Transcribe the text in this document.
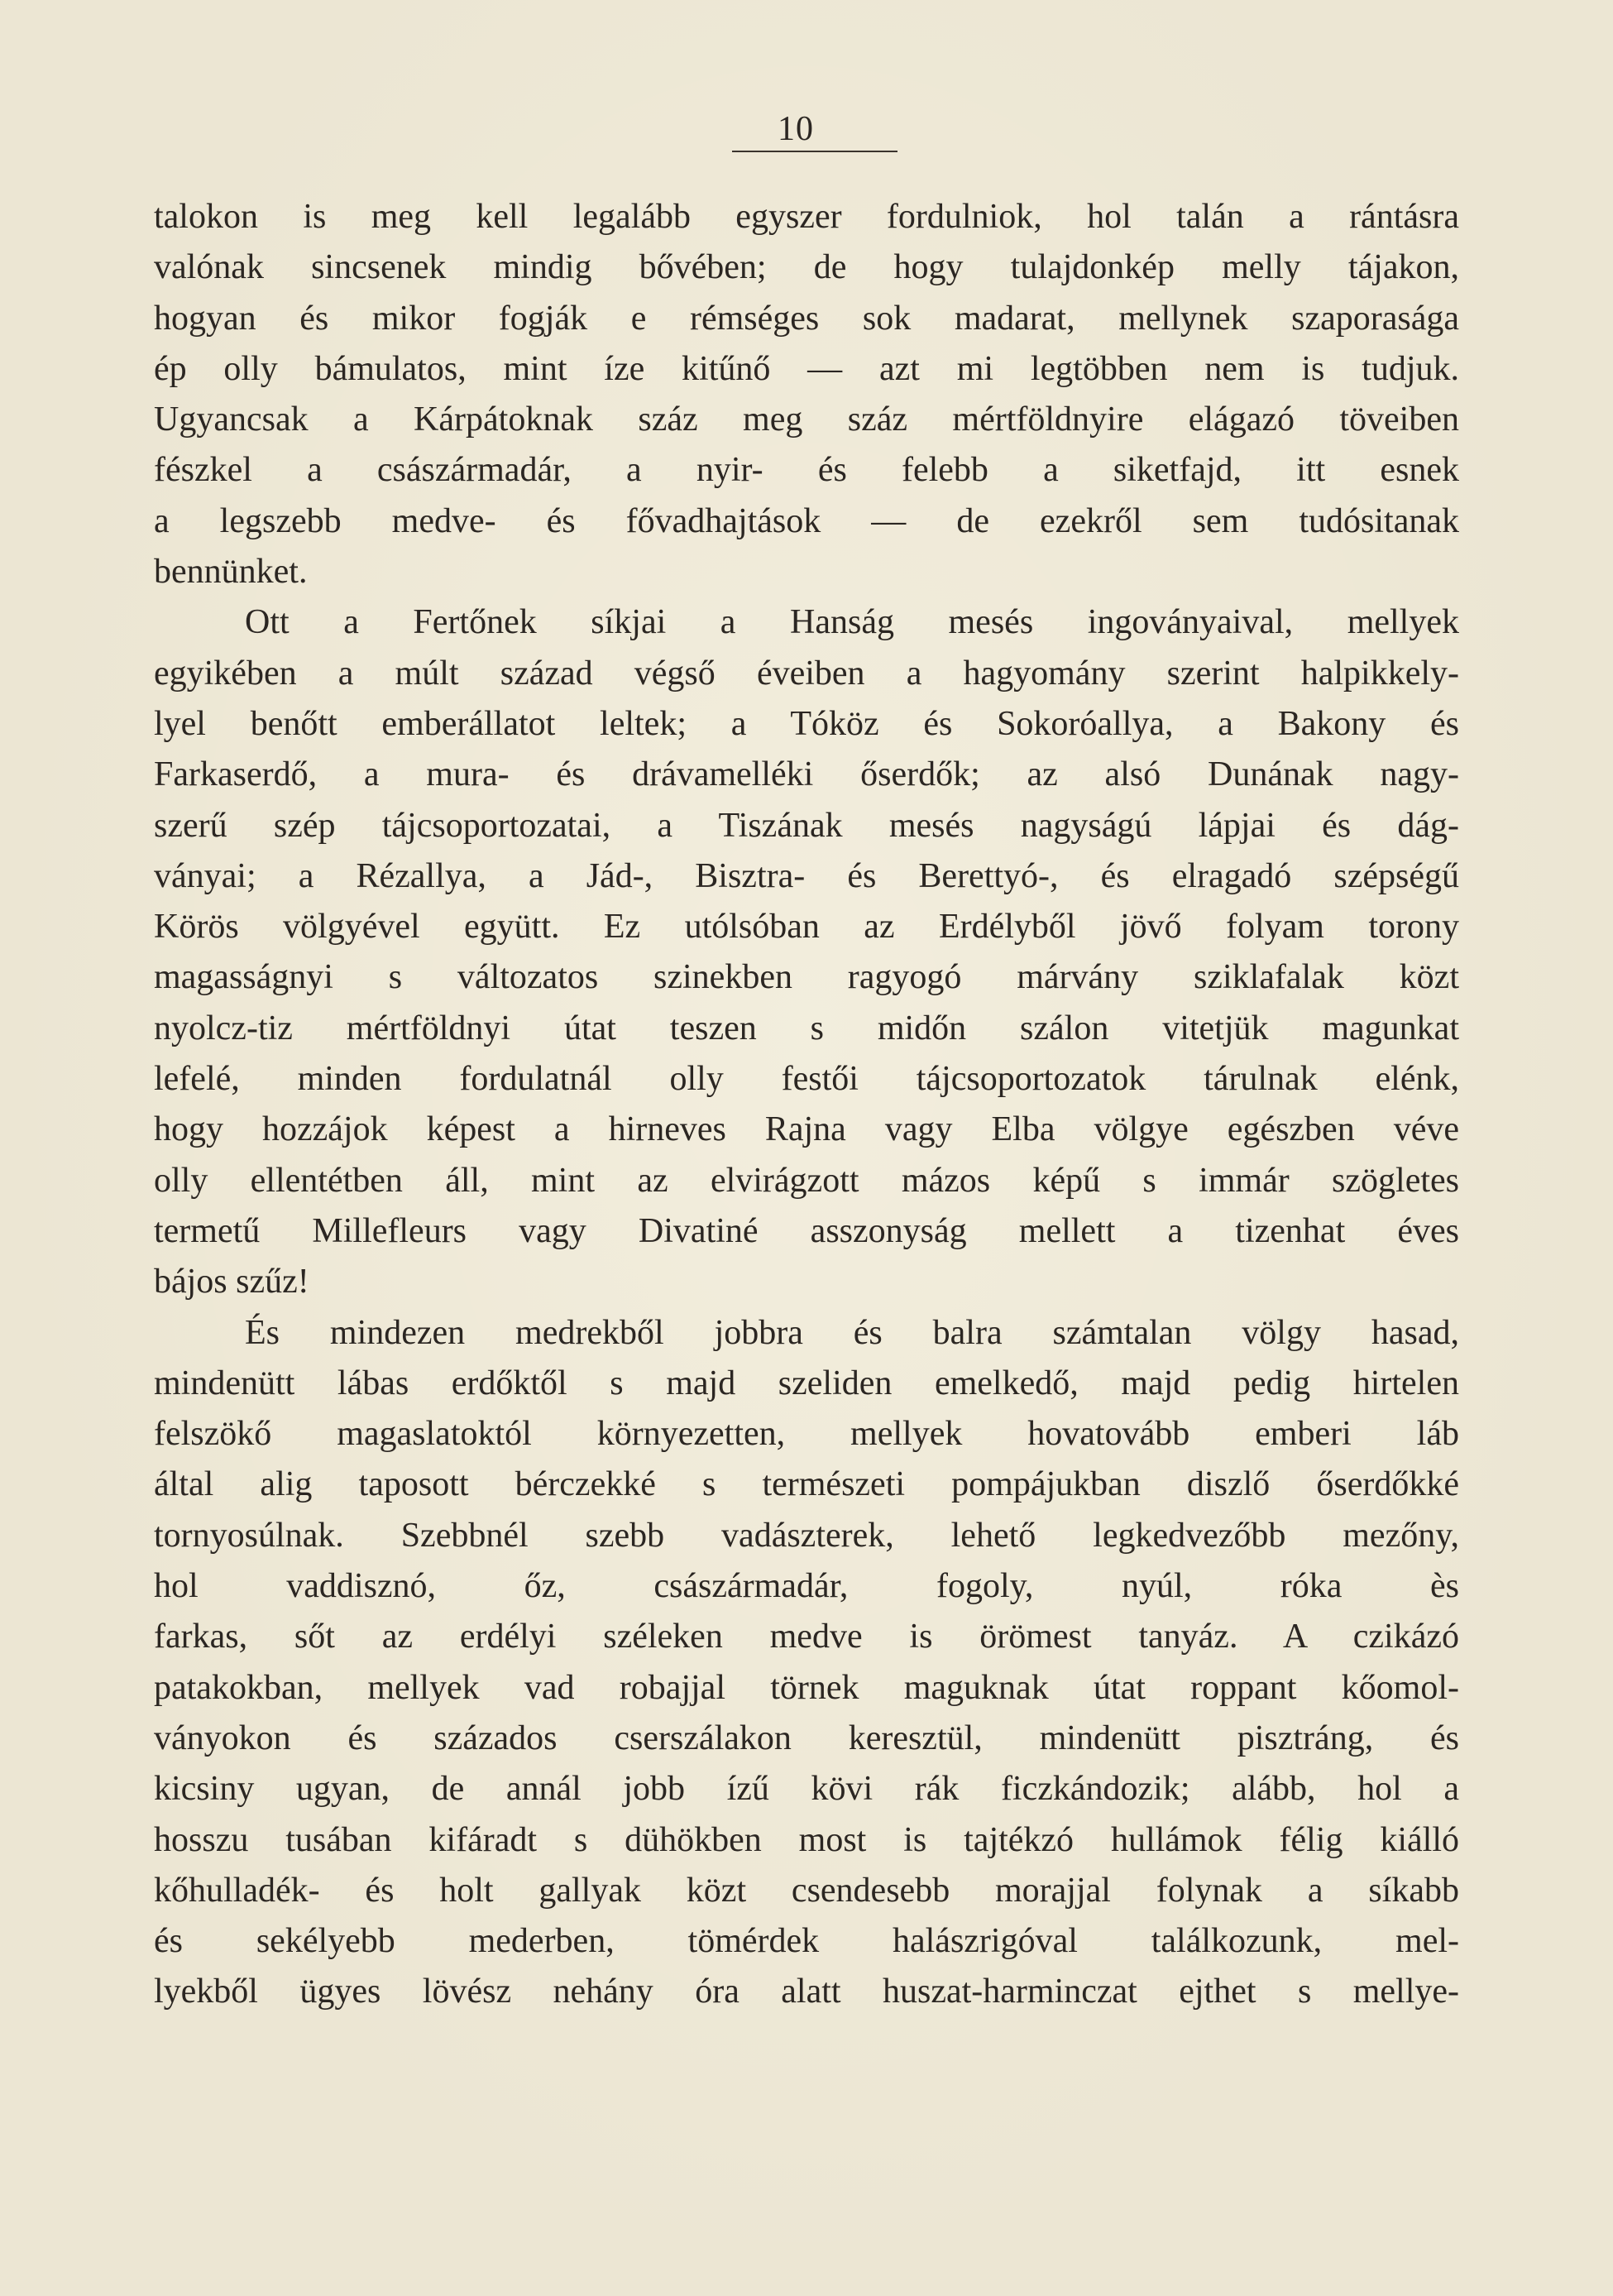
10
talokon is meg kell legalább egyszer fordulniok, hol talán a rántásra
valónak sincsenek mindig bővében; de hogy tulajdonkép melly tájakon,
hogyan és mikor fogják e rémséges sok madarat, mellynek szaporasága
ép olly bámulatos, mint íze kitűnő — azt mi legtöbben nem is tudjuk.
Ugyancsak a Kárpátoknak száz meg száz mértföldnyire elágazó töveiben
fészkel a császármadár, a nyir- és felebb a siketfajd, itt esnek
a legszebb medve- és fővadhajtások — de ezekről sem tudósitanak
bennünket.
Ott a Fertőnek síkjai a Hanság mesés ingoványaival, mellyek
egyikében a múlt század végső éveiben a hagyomány szerint halpikkely-
lyel benőtt emberállatot leltek; a Tóköz és Sokoróallya, a Bakony és
Farkaserdő, a mura- és drávamelléki őserdők; az alsó Dunának nagy-
szerű szép tájcsoportozatai, a Tiszának mesés nagyságú lápjai és dág-
ványai; a Rézallya, a Jád-, Bisztra- és Berettyó-, és elragadó szépségű
Körös völgyével együtt. Ez utólsóban az Erdélyből jövő folyam torony
magasságnyi s változatos szinekben ragyogó márvány sziklafalak közt
nyolcz-tiz mértföldnyi útat teszen s midőn szálon vitetjük magunkat
lefelé, minden fordulatnál olly festői tájcsoportozatok tárulnak elénk,
hogy hozzájok képest a hirneves Rajna vagy Elba völgye egészben véve
olly ellentétben áll, mint az elvirágzott mázos képű s immár szögletes
termetű Millefleurs vagy Divatiné asszonyság mellett a tizenhat éves
bájos szűz!
És mindezen medrekből jobbra és balra számtalan völgy hasad,
mindenütt lábas erdőktől s majd szeliden emelkedő, majd pedig hirtelen
felszökő magaslatoktól környezetten, mellyek hovatovább emberi láb
által alig taposott bérczekké s természeti pompájukban diszlő őserdőkké
tornyosúlnak. Szebbnél szebb vadászterek, lehető legkedvezőbb mezőny,
hol vaddisznó, őz, császármadár, fogoly, nyúl, róka ès
farkas, sőt az erdélyi széleken medve is örömest tanyáz. A czikázó
patakokban, mellyek vad robajjal törnek maguknak útat roppant kőomol-
ványokon és százados cserszálakon keresztül, mindenütt pisztráng, és
kicsiny ugyan, de annál jobb ízű kövi rák ficzkándozik; alább, hol a
hosszu tusában kifáradt s dühökben most is tajtékzó hullámok félig kiálló
kőhulladék- és holt gallyak közt csendesebb morajjal folynak a síkabb
és sekélyebb mederben, tömérdek halászrigóval találkozunk, mel-
lyekből ügyes lövész nehány óra alatt huszat-harminczat ejthet s mellye-
